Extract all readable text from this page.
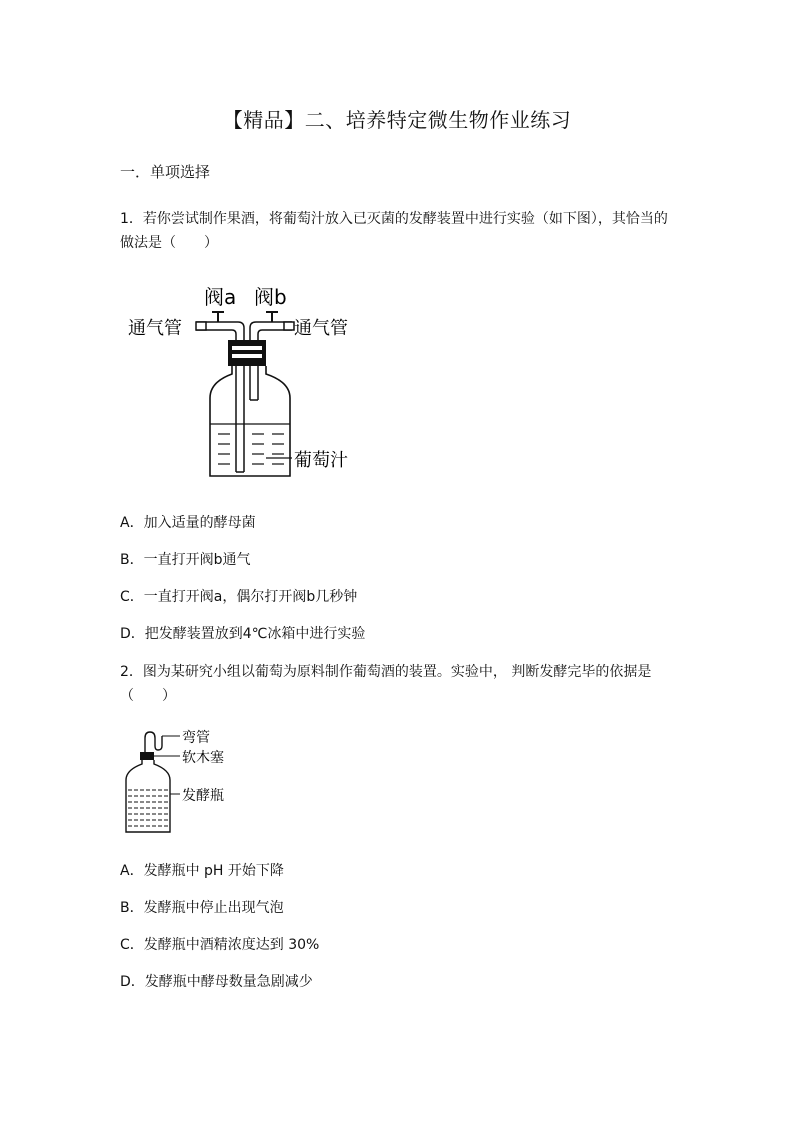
【精品】二、培养特定微生物作业练习
一．单项选择
1．若你尝试制作果酒，将葡萄汁放入已灭菌的发酵装置中进行实验（如下图），其恰当的做法是（　　）
阀a 阀b
通气管	通气管
葡萄汁
A．加入适量的酵母菌
B．一直打开阀b通气
C．一直打开阀a，偶尔打开阀b几秒钟
D．把发酵装置放到4℃冰箱中进行实验
2．图为某研究小组以葡萄为原料制作葡萄酒的装置。实验中， 判断发酵完毕的依据是（　　）
弯管
软木塞
发酵瓶
A．发酵瓶中 pH 开始下降
B．发酵瓶中停止出现气泡
C．发酵瓶中酒精浓度达到 30%
D．发酵瓶中酵母数量急剧减少
